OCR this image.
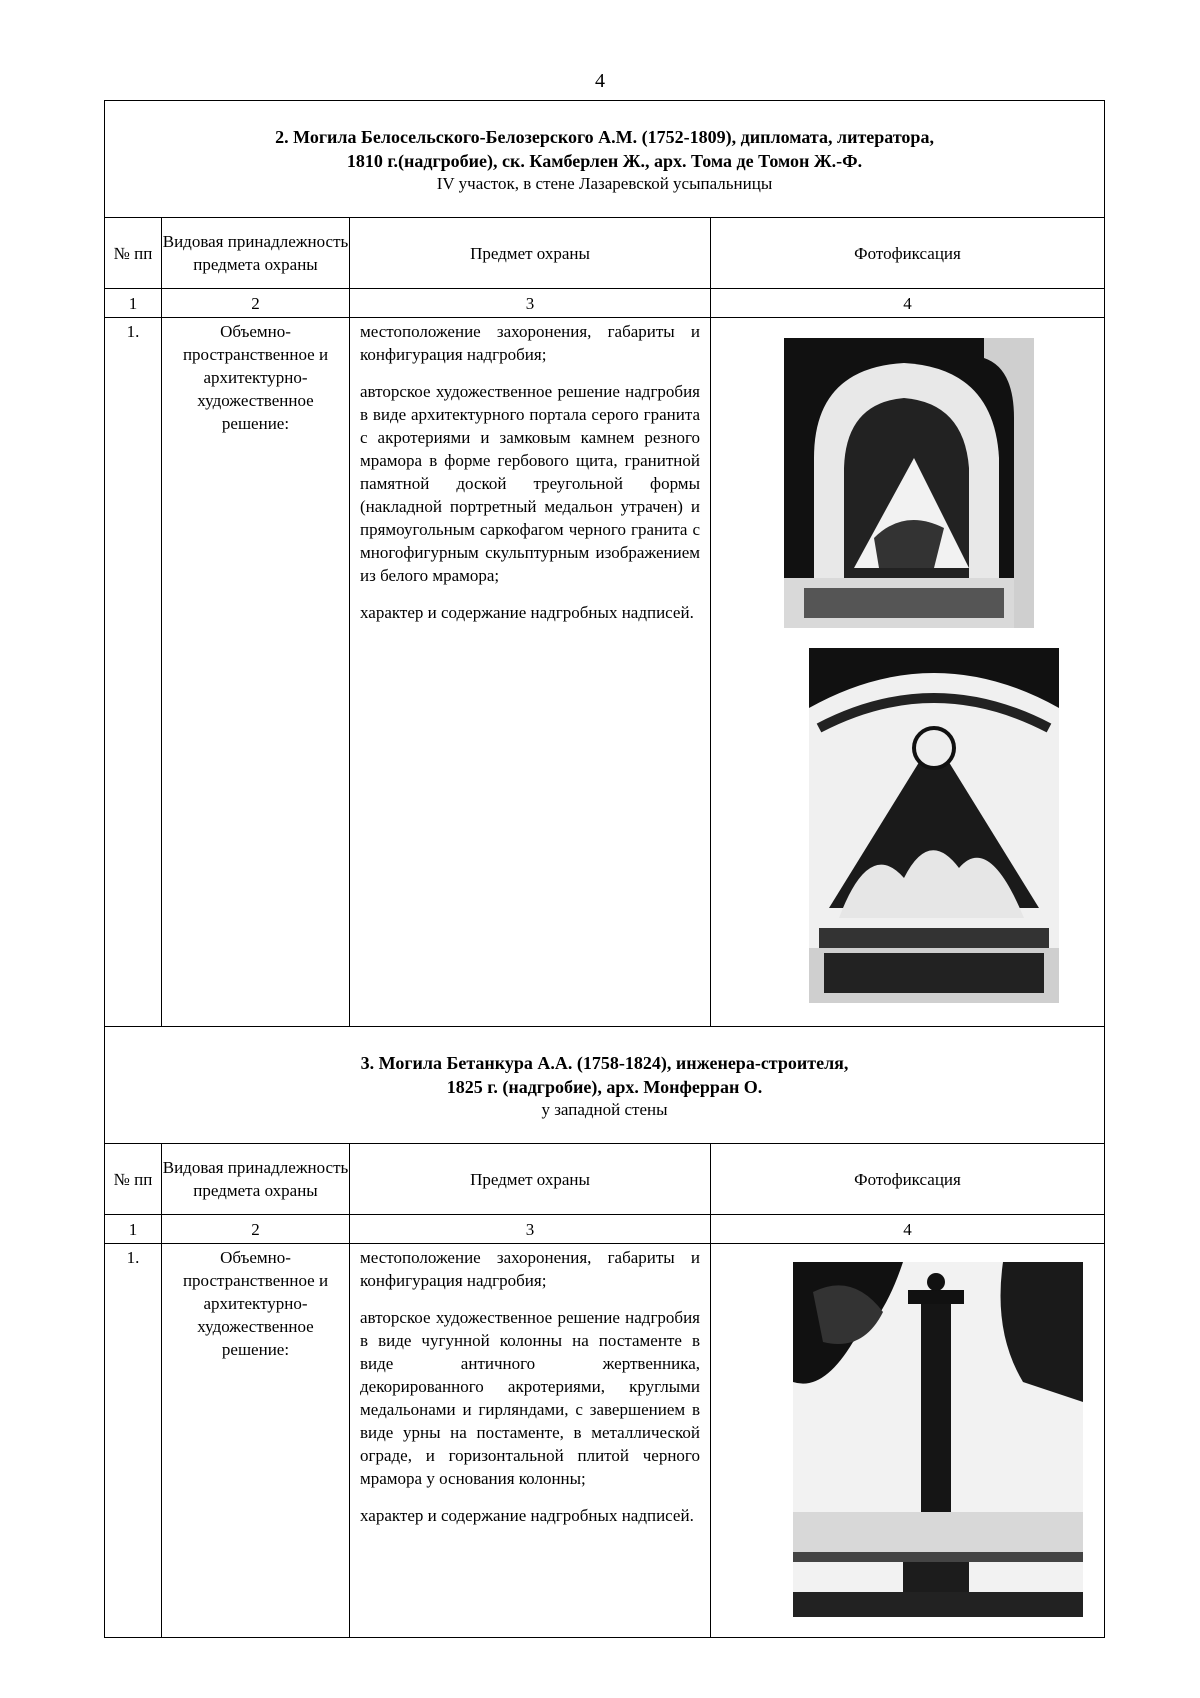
4
2. Могила Белосельского-Белозерского А.М. (1752-1809), дипломата, литератора,
1810 г.(надгробие), ск. Камберлен Ж., арх. Тома де Томон Ж.-Ф.
IV участок, в стене Лазаревской усыпальницы			

№ пп	Видовая принадлежность предмета охраны	Предмет охраны	Фотофиксация
1	2	3	4
1.	Объемно-пространственное и архитектурно-художественное решение:	местоположение захоронения, габариты и конфигурация надгробия;

авторское художественное решение надгробия в виде архитектурного портала серого гранита с акротериями и замковым камнем резного мрамора в форме гербового щита, гранитной памятной доской треугольной формы (накладной портретный медальон утрачен) и прямоугольным саркофагом черного гранита с многофигурным скульптурным изображением из белого мрамора;

характер и содержание надгробных надписей.

3. Могила Бетанкура А.А. (1758-1824), инженера-строителя,
1825 г. (надгробие), арх. Монферран О.
у западной стены			

№ пп	Видовая принадлежность предмета охраны	Предмет охраны	Фотофиксация
1	2	3	4
1.	Объемно-пространственное и архитектурно-художественное решение:	местоположение захоронения, габариты и конфигурация надгробия;

авторское художественное решение надгробия в виде чугунной колонны на постаменте в виде античного жертвенника, декорированного акротериями, круглыми медальонами и гирляндами, с завершением в виде урны на постаменте, в металлической ограде, и горизонтальной плитой черного мрамора у основания колонны;

характер и содержание надгробных надписей.
